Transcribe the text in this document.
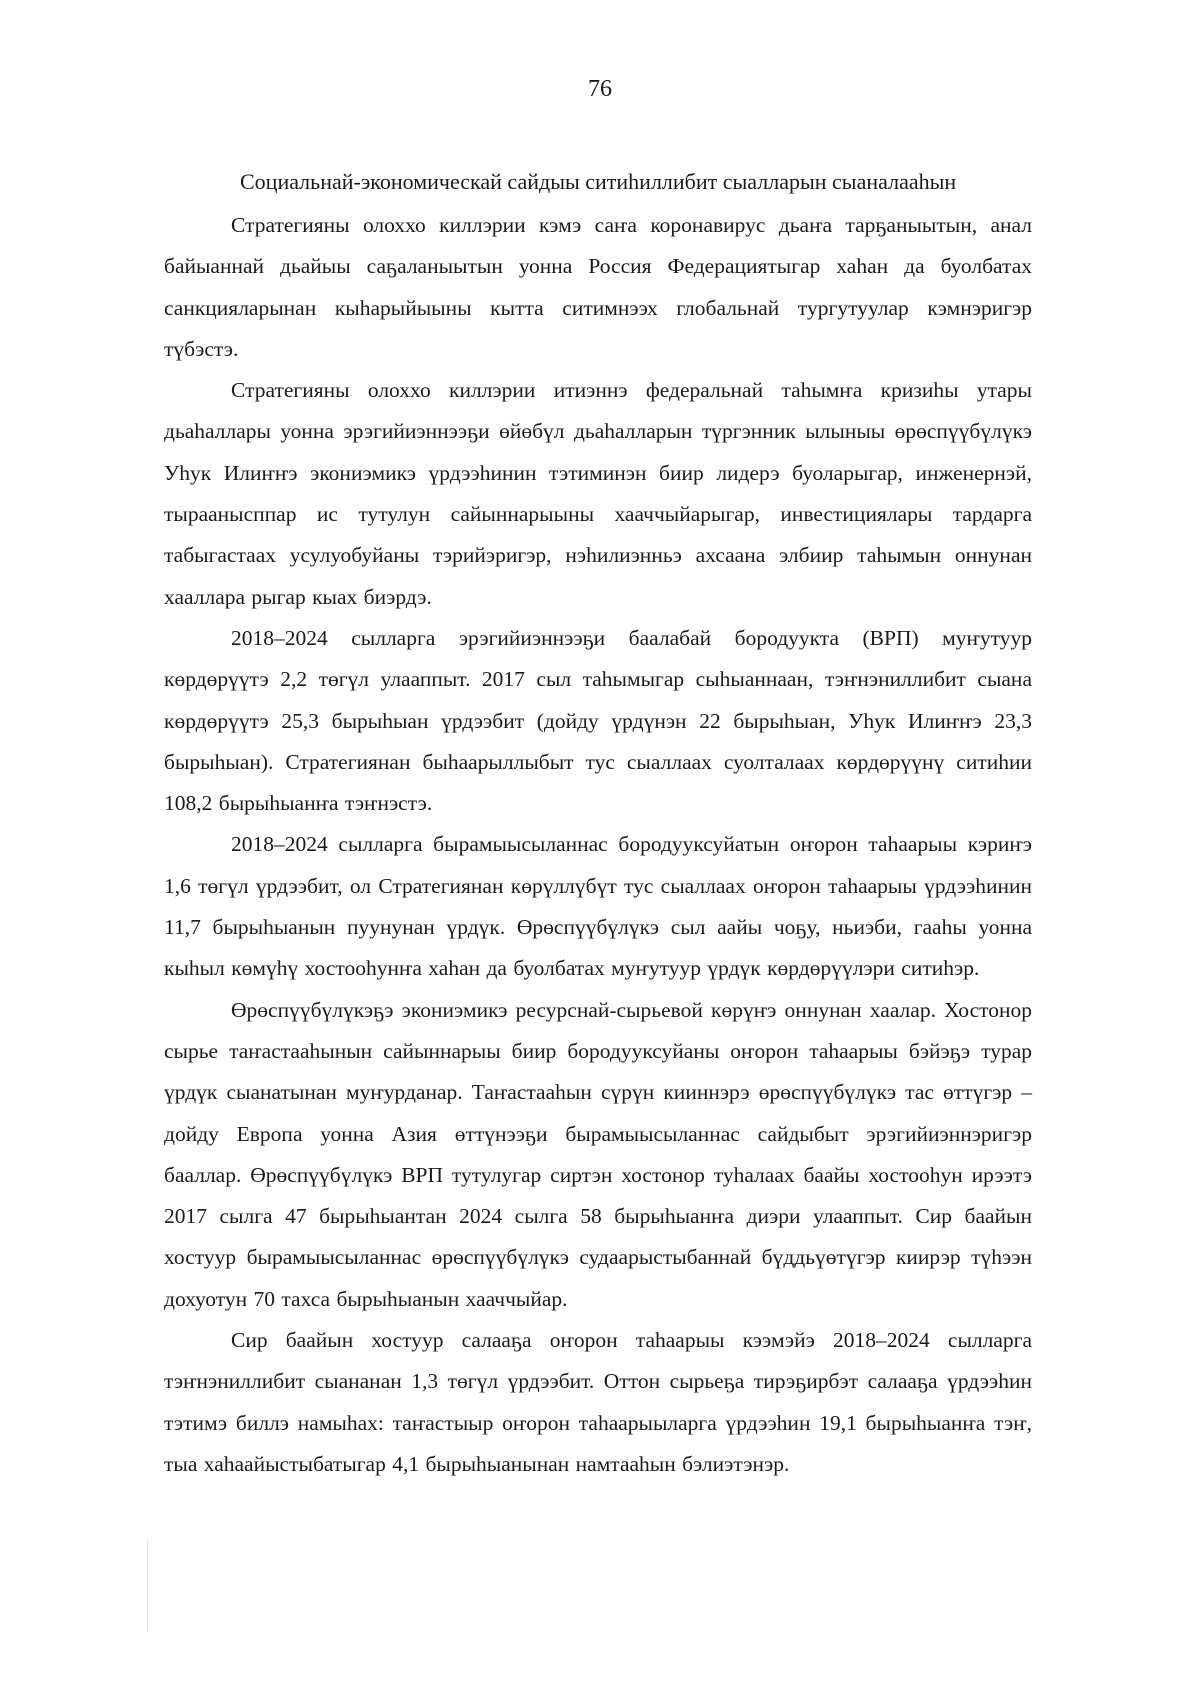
76
Социальнай-экономическай сайдыы ситиһиллибит сыалларын сыаналааһын

Стратегияны олоххо киллэрии кэмэ саҥа коронавирус дьаҥа тарҕаныытын, анал байыаннай дьайыы саҕаланыытын уонна Россия Федерациятыгар хаһан да буолбатах санкцияларынан кыһарыйыыны кытта ситимнээх глобальнай тургутуулар кэмнэригэр түбэстэ.

Стратегияны олоххо киллэрии итиэннэ федеральнай таһымҥа кризиһы утары дьаһаллары уонна эрэгийиэннээҕи өйөбүл дьаһалларын түргэнник ылыныы өрөспүүбүлүкэ Уһук Илиҥҥэ экониэмикэ үрдээһинин тэтиминэн биир лидерэ буоларыгар, инженернэй, тыраанысппар ис тутулун сайыннарыыны хааччыйарыгар, инвестициялары тардарга табыгастаах усулуобуйаны тэрийэригэр, нэһилиэнньэ ахсаана элбиир таһымын оннунан хааллара рыгар кыах биэрдэ.

2018–2024 сылларга эрэгийиэннээҕи баалабай бородуукта (ВРП) муҥутуур көрдөрүүтэ 2,2 төгүл улааппыт. 2017 сыл таһымыгар сыһыаннаан, тэҥнэниллибит сыана көрдөрүүтэ 25,3 бырыһыан үрдээбит (дойду үрдүнэн 22 бырыһыан, Уһук Илиҥҥэ 23,3 бырыһыан). Стратегиянан быһаарыллыбыт тус сыаллаах суолталаах көрдөрүүнү ситиһии 108,2 бырыһыанҥа тэҥнэстэ.

2018–2024 сылларга бырамыысыланнас бородууксуйатын оҥорон таһаарыы кэриҥэ 1,6 төгүл үрдээбит, ол Стратегиянан көрүллүбүт тус сыаллаах оҥорон таһаарыы үрдээһинин 11,7 бырыһыанын пуунунан үрдүк. Өрөспүүбүлүкэ сыл аайы чоҕу, ньиэби, гааһы уонна кыһыл көмүһү хостооһунҥа хаһан да буолбатах муҥутуур үрдүк көрдөрүүлэри ситиһэр.

Өрөспүүбүлүкэҕэ экониэмикэ ресурснай-сырьевой көрүҥэ оннунан хаалар. Хостонор сырье таҥастааһынын сайыннарыы биир бородууксуйаны оҥорон таһаарыы бэйэҕэ турар үрдүк сыанатынан муҥурданар. Таҥастааһын сүрүн кииннэрэ өрөспүүбүлүкэ тас өттүгэр – дойду Европа уонна Азия өттүнээҕи бырамыысыланнас сайдыбыт эрэгийиэннэригэр бааллар. Өрөспүүбүлүкэ ВРП тутулугар сиртэн хостонор туһалаах баайы хостооһун ирээтэ 2017 сылга 47 бырыһыантан 2024 сылга 58 бырыһыанҥа диэри улааппыт. Сир баайын хостуур бырамыысыланнас өрөспүүбүлүкэ судаарыстыбаннай бүддьүөтүгэр киирэр түһээн дохуотун 70 тахса бырыһыанын хааччыйар.

Сир баайын хостуур салааҕа оҥорон таһаарыы кээмэйэ 2018–2024 сылларга тэҥнэниллибит сыананан 1,3 төгүл үрдээбит. Оттон сырьеҕа тирэҕирбэт салааҕа үрдээһин тэтимэ биллэ намыһах: таҥастыыр оҥорон таһаарыыларга үрдээһин 19,1 бырыһыанҥа тэҥ, тыа хаһаайыстыбатыгар 4,1 бырыһыанынан намтааһын бэлиэтэнэр.
